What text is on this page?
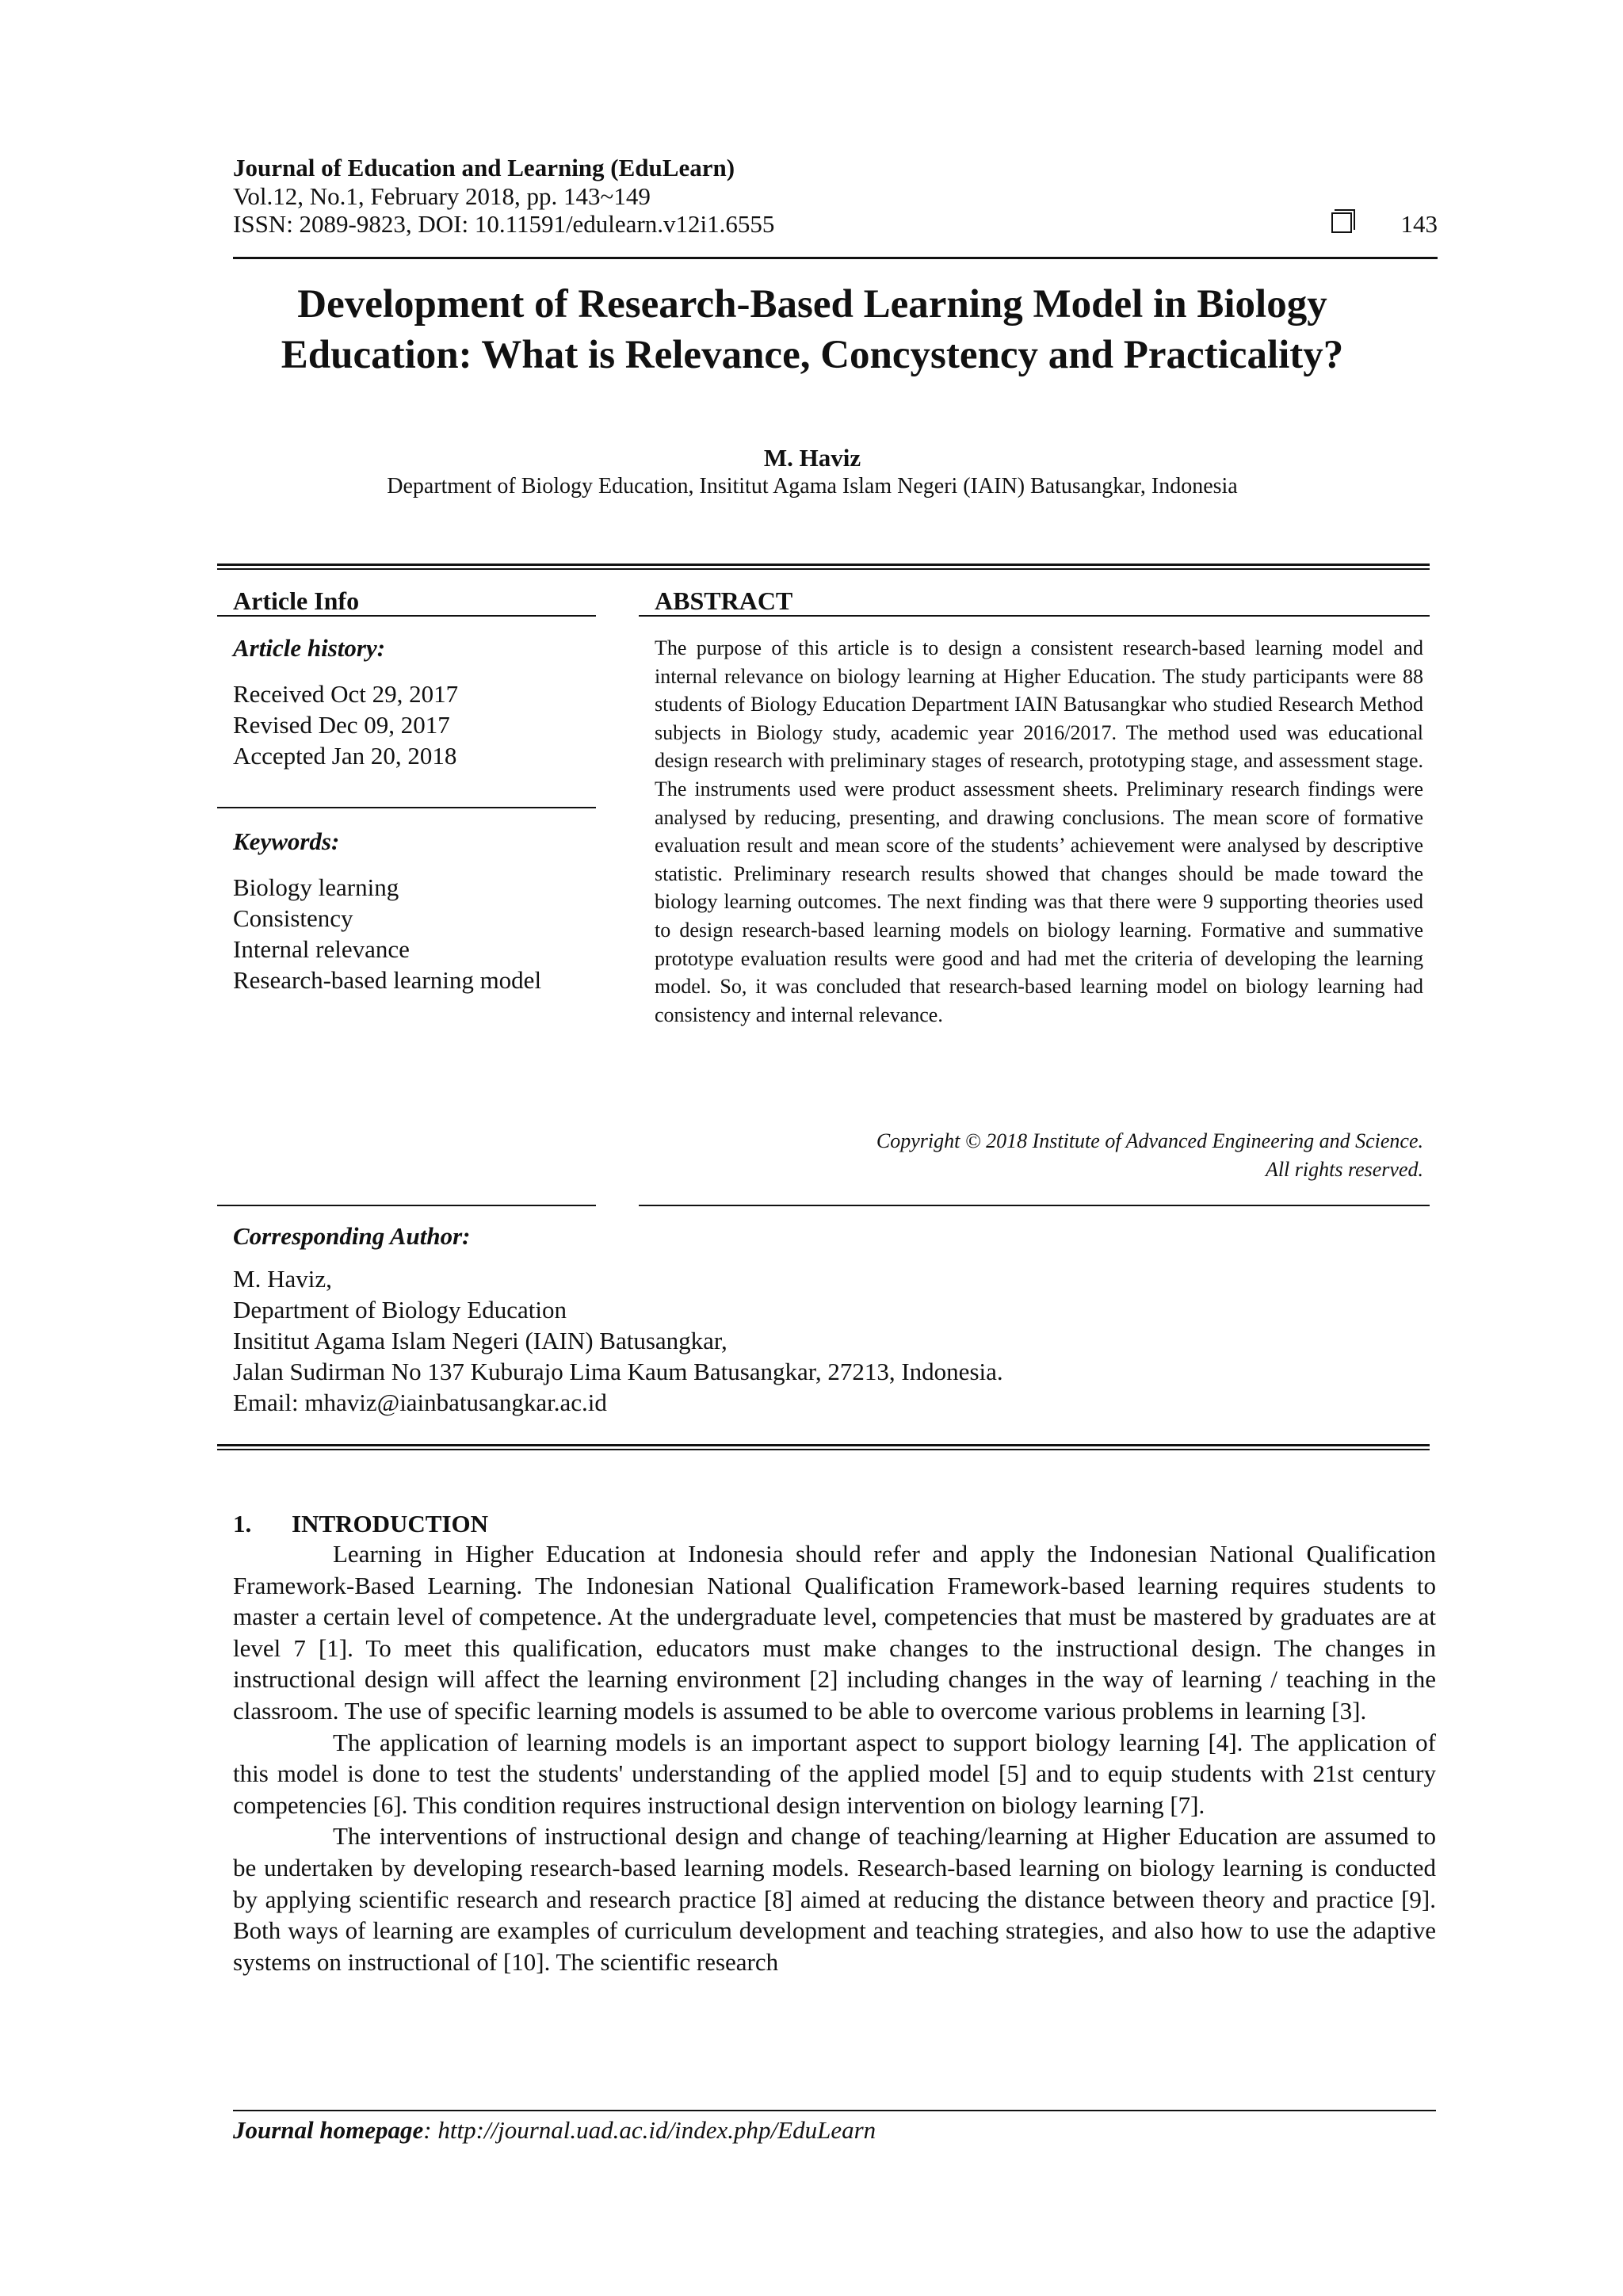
Journal of Education and Learning (EduLearn)
Vol.12, No.1, February 2018, pp. 143~149
ISSN: 2089-9823, DOI: 10.11591/edulearn.v12i1.6555	143
Development of Research-Based Learning Model in Biology
Education: What is Relevance, Concystency and Practicality?
M. Haviz
Department of Biology Education, Insititut Agama Islam Negeri (IAIN) Batusangkar, Indonesia
Article Info
Article history:
Received Oct 29, 2017
Revised Dec 09, 2017
Accepted Jan 20, 2018
Keywords:
Biology learning
Consistency
Internal relevance
Research-based learning model
ABSTRACT
The purpose of this article is to design a consistent research-based learning model and internal relevance on biology learning at Higher Education. The study participants were 88 students of Biology Education Department IAIN Batusangkar who studied Research Method subjects in Biology study, academic year 2016/2017. The method used was educational design research with preliminary stages of research, prototyping stage, and assessment stage. The instruments used were product assessment sheets. Preliminary research findings were analysed by reducing, presenting, and drawing conclusions. The mean score of formative evaluation result and mean score of the students’ achievement were analysed by descriptive statistic. Preliminary research results showed that changes should be made toward the biology learning outcomes. The next finding was that there were 9 supporting theories used to design research-based learning models on biology learning. Formative and summative prototype evaluation results were good and had met the criteria of developing the learning model. So, it was concluded that research-based learning model on biology learning had consistency and internal relevance.
Copyright © 2018 Institute of Advanced Engineering and Science.
All rights reserved.
Corresponding Author:
M. Haviz,
Department of Biology Education
Insititut Agama Islam Negeri (IAIN) Batusangkar,
Jalan Sudirman No 137 Kuburajo Lima Kaum Batusangkar, 27213, Indonesia.
Email: mhaviz@iainbatusangkar.ac.id
1. INTRODUCTION

Learning in Higher Education at Indonesia should refer and apply the Indonesian National Qualification Framework-Based Learning. The Indonesian National Qualification Framework-based learning requires students to master a certain level of competence. At the undergraduate level, competencies that must be mastered by graduates are at level 7 [1]. To meet this qualification, educators must make changes to the instructional design. The changes in instructional design will affect the learning environment [2] including changes in the way of learning / teaching in the classroom. The use of specific learning models is assumed to be able to overcome various problems in learning [3].

The application of learning models is an important aspect to support biology learning [4]. The application of this model is done to test the students' understanding of the applied model [5] and to equip students with 21st century competencies [6]. This condition requires instructional design intervention on biology learning [7].

The interventions of instructional design and change of teaching/learning at Higher Education are assumed to be undertaken by developing research-based learning models. Research-based learning on biology learning is conducted by applying scientific research and research practice [8] aimed at reducing the distance between theory and practice [9]. Both ways of learning are examples of curriculum development and teaching strategies, and also how to use the adaptive systems on instructional of [10]. The scientific research

Journal homepage: http://journal.uad.ac.id/index.php/EduLearn
